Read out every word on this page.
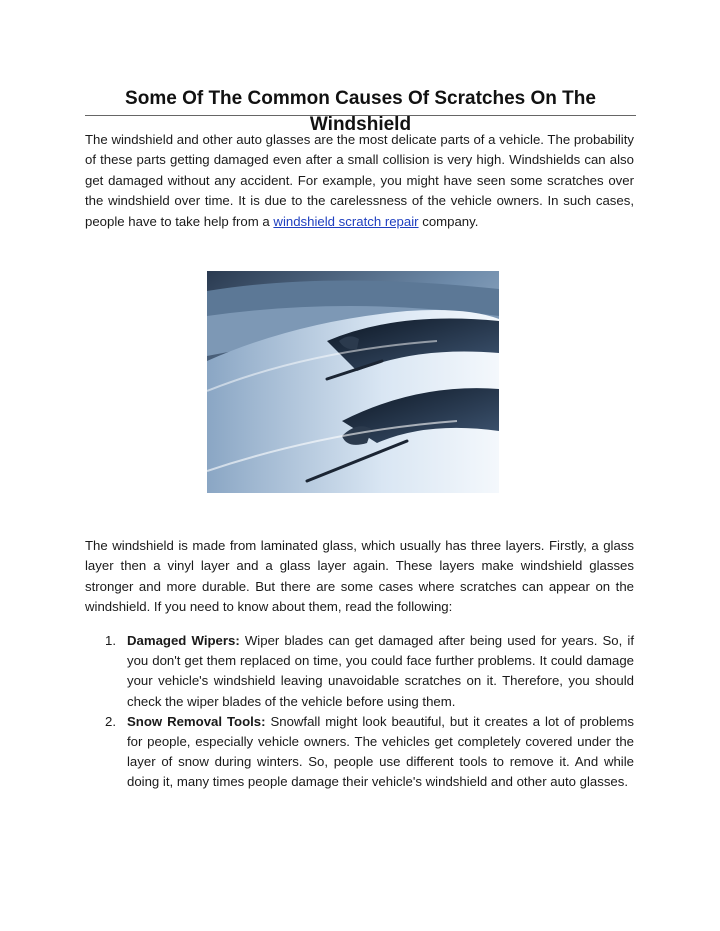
Some Of The Common Causes Of Scratches On The Windshield

The windshield and other auto glasses are the most delicate parts of a vehicle. The probability of these parts getting damaged even after a small collision is very high. Windshields can also get damaged without any accident. For example, you might have seen some scratches over the windshield over time. It is due to the carelessness of the vehicle owners. In such cases, people have to take help from a windshield scratch repair company.

The windshield is made from laminated glass, which usually has three layers. Firstly, a glass layer then a vinyl layer and a glass layer again. These layers make windshield glasses stronger and more durable. But there are some cases where scratches can appear on the windshield. If you need to know about them, read the following:

1. Damaged Wipers: Wiper blades can get damaged after being used for years. So, if you don't get them replaced on time, you could face further problems. It could damage your vehicle's windshield leaving unavoidable scratches on it. Therefore, you should check the wiper blades of the vehicle before using them.
2. Snow Removal Tools: Snowfall might look beautiful, but it creates a lot of problems for people, especially vehicle owners. The vehicles get completely covered under the layer of snow during winters. So, people use different tools to remove it. And while doing it, many times people damage their vehicle's windshield and other auto glasses.
